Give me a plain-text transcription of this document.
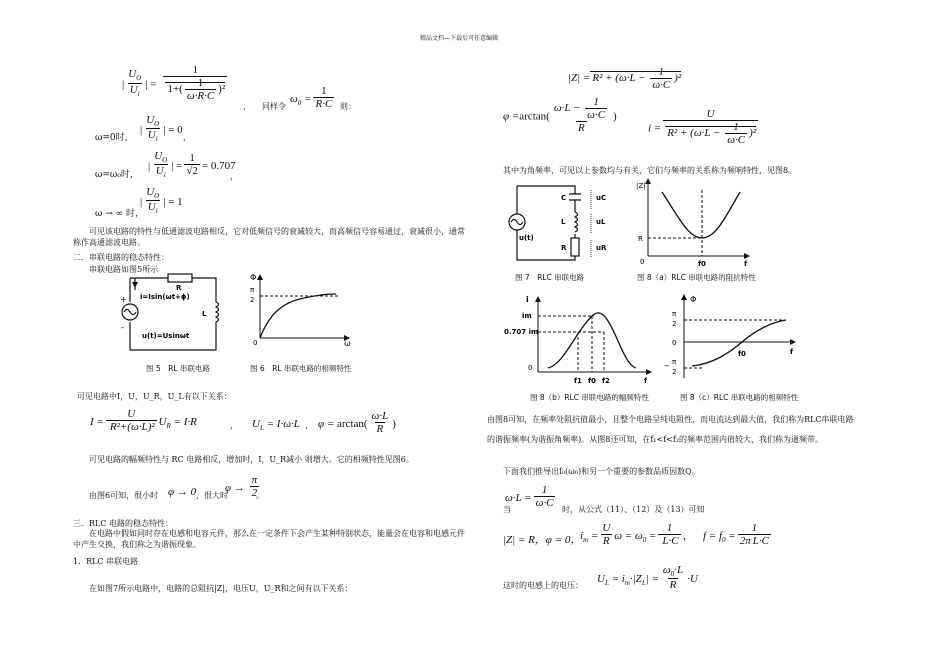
精品文档---下载后可任意编辑
| $\frac{U_O}{U_i}$ | = $\frac{1}{1+( \frac{1}{\omega\cdot R\cdot C} )^2}$
， 同样令
$\omega_0 = \frac{1}{R\cdot C}$ 则：
| $\frac{U_O}{U_i}$ | = 0
ω=0时，	，
| $\frac{U_O}{U_i}$ | = $\frac{1}{√2} = 0.707$
ω=ω₀时，	，
| $\frac{U_O}{U_i}$ | = 1
ω → ∞ 时，
可见该电路的特性与低通滤波电路相反，它对低频信号的衰减较大，而高频信号容易通过，衰减很小，通常称作高通滤波电路。
二．串联电路的稳态特性：
串联电路如图5所示
R
L
i=Isin(ωt+ϕ)
u(t)=Usinωt
+
-
Φ
π
2
0	ω
图 5　RL 串联电路	图 6　RL 串联电路的相频特性
可见电路中I，U，U_R，U_L有以下关系：
$I = \frac{U}{\text{R²+(ω·L)²}} U_R = I\cdot R$	， $U_L = I\cdot\omega\cdot L$ ， $\varphi = \arctan( \frac{\omega\cdot L}{R}$ )
可见电路的幅频特性与 RC 电路相反，增加时，I，U_R减小 则增大。它的相频特性见图6。
由图6可知，很小时 φ → 0 ，很大时
$\varphi \to \frac{\pi}{2}$
。
三．RLC 电路的稳态特性：
在电路中假如同时存在电感和电容元件，那么在一定条件下会产生某种特别状态，能量会在电容和电感元件中产生交换，我们称之为谐振现象。
1．RLC 串联电路
在如图7所示电路中，电路的总阻抗|Z|，电压U，U_R和之间有以下关系：
$|Z| = R^2 + (\omega\cdot L - \frac{1}{\omega\cdot C} )^2$
$\varphi =\arctan( \frac{\omega\cdot L - \frac{1}{\omega\cdot C}}{R}$ )
$i = \frac{U}{R^2 + (\omega\cdot L - \frac{1}{\omega\cdot C} )^2}$
其中为角频率，可见以上参数均与有关，它们与频率的关系称为频响特性，见图8。
C
L
R
uC
uL
uR
u(t)
|Z|
R
0	f0	f
图 7　RLC 串联电路	图 8（a）RLC 串联电路的阻抗特性
i
im
0.707 im
0
f1 f0 f2	f
Φ
π
2
0
− π
2
f0	f
图 8（b）RLC 串联电路的幅频特性	图 8（c）RLC 串联电路的相频特性
由图8可知，在频率处阻抗值最小，且整个电路呈纯电阻性，而电流达到最大值，我们称为RLC串联电路的谐振频率(为谐振角频率)。从图8还可知，在f₁<f<f₂的频率范围内值较大，我们称为通频带。
下面我们推导出f₀(ω₀)和另一个重要的参数品质因数Q。
$\omega\cdot L = \frac{1}{\omega\cdot C}$
当	时，从公式（11）、（12）及（13）可知
|Z| = R，φ = 0，
$i_m = \frac{U}{R}$ $\omega = \omega_0 = \frac{1}{L\cdot C}$ ， $f = f_0 = \frac{1}{\text{2π L·C}}$
$U_L = i_m\cdot|Z_L| = \frac{\omega_0\cdot L}{R} \cdot U$
这时的电感上的电压：
